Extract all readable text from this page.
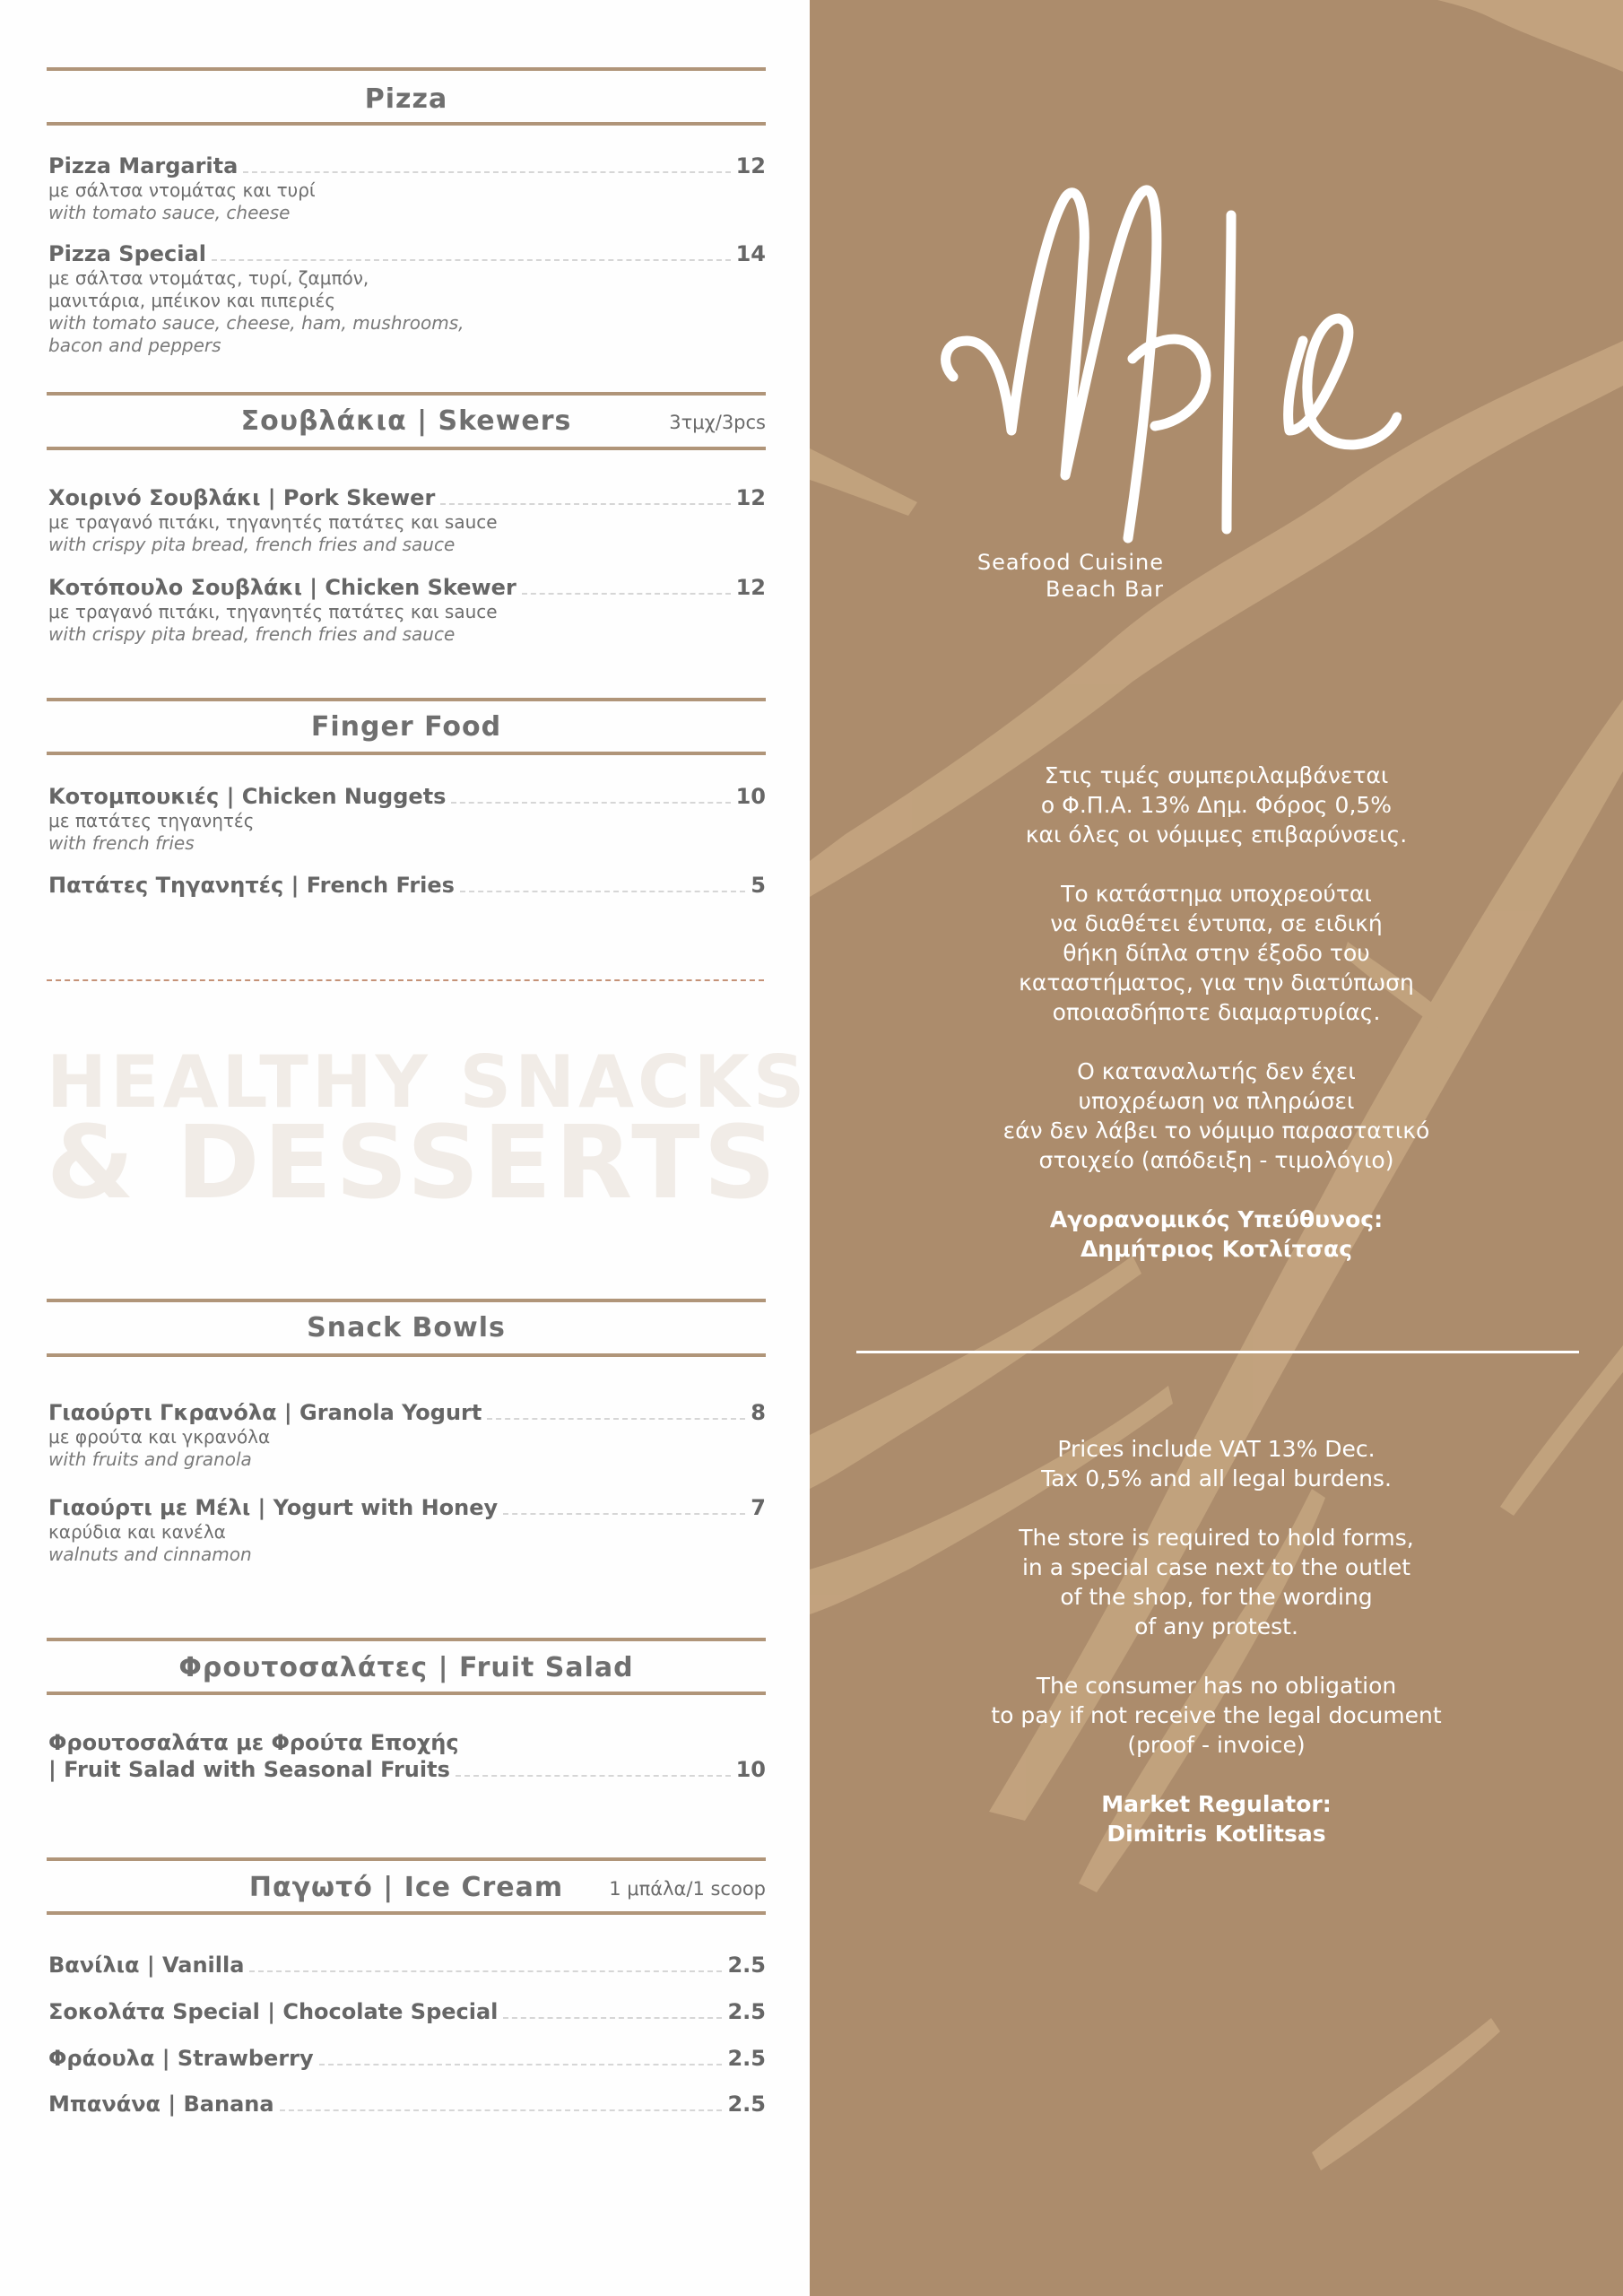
Pizza
Pizza Margarita	12
με σάλτσα ντομάτας και τυρί
with tomato sauce, cheese
Pizza Special	14
με σάλτσα ντομάτας, τυρί, ζαμπόν,
μανιτάρια, μπέικον και πιπεριές
with tomato sauce, cheese, ham, mushrooms,
bacon and peppers
Σουβλάκια | Skewers	3τμχ/3pcs
Χοιρινό Σουβλάκι | Pork Skewer	12
με τραγανό πιτάκι, τηγανητές πατάτες και sauce
with crispy pita bread, french fries and sauce
Κοτόπουλο Σουβλάκι | Chicken Skewer	12
με τραγανό πιτάκι, τηγανητές πατάτες και sauce
with crispy pita bread, french fries and sauce
Finger Food
Κοτομπουκιές | Chicken Nuggets	10
με πατάτες τηγανητές
with french fries
Πατάτες Τηγανητές | French Fries	5
HEALTHY SNACKS
& DESSERTS
Snack Bowls
Γιαούρτι Γκρανόλα | Granola Yogurt	8
με φρούτα και γκρανόλα
with fruits and granola
Γιαούρτι με Μέλι | Yogurt with Honey	7
καρύδια και κανέλα
walnuts and cinnamon
Φρουτοσαλάτες | Fruit Salad
Φρουτοσαλάτα με Φρούτα Εποχής
| Fruit Salad with Seasonal Fruits	10
Παγωτό | Ice Cream	1 μπάλα/1 scoop
Βανίλια | Vanilla	2.5
Σοκολάτα Special | Chocolate Special	2.5
Φράουλα | Strawberry	2.5
Μπανάνα | Banana	2.5
Seafood Cuisine
Beach Bar

Στις τιμές συμπεριλαμβάνεται
ο Φ.Π.Α. 13% Δημ. Φόρος 0,5%
και όλες οι νόμιμες επιβαρύνσεις.

Το κατάστημα υποχρεούται
να διαθέτει έντυπα, σε ειδική
θήκη δίπλα στην έξοδο του
καταστήματος, για την διατύπωση
οποιασδήποτε διαμαρτυρίας.

Ο καταναλωτής δεν έχει
υποχρέωση να πληρώσει
εάν δεν λάβει το νόμιμο παραστατικό
στοιχείο (απόδειξη - τιμολόγιο)

Αγορανομικός Υπεύθυνος:
Δημήτριος Κοτλίτσας

Prices include VAT 13% Dec.
Tax 0,5% and all legal burdens.

The store is required to hold forms,
in a special case next to the outlet
of the shop, for the wording
of any protest.

The consumer has no obligation
to pay if not receive the legal document
(proof - invoice)

Market Regulator:
Dimitris Kotlitsas
